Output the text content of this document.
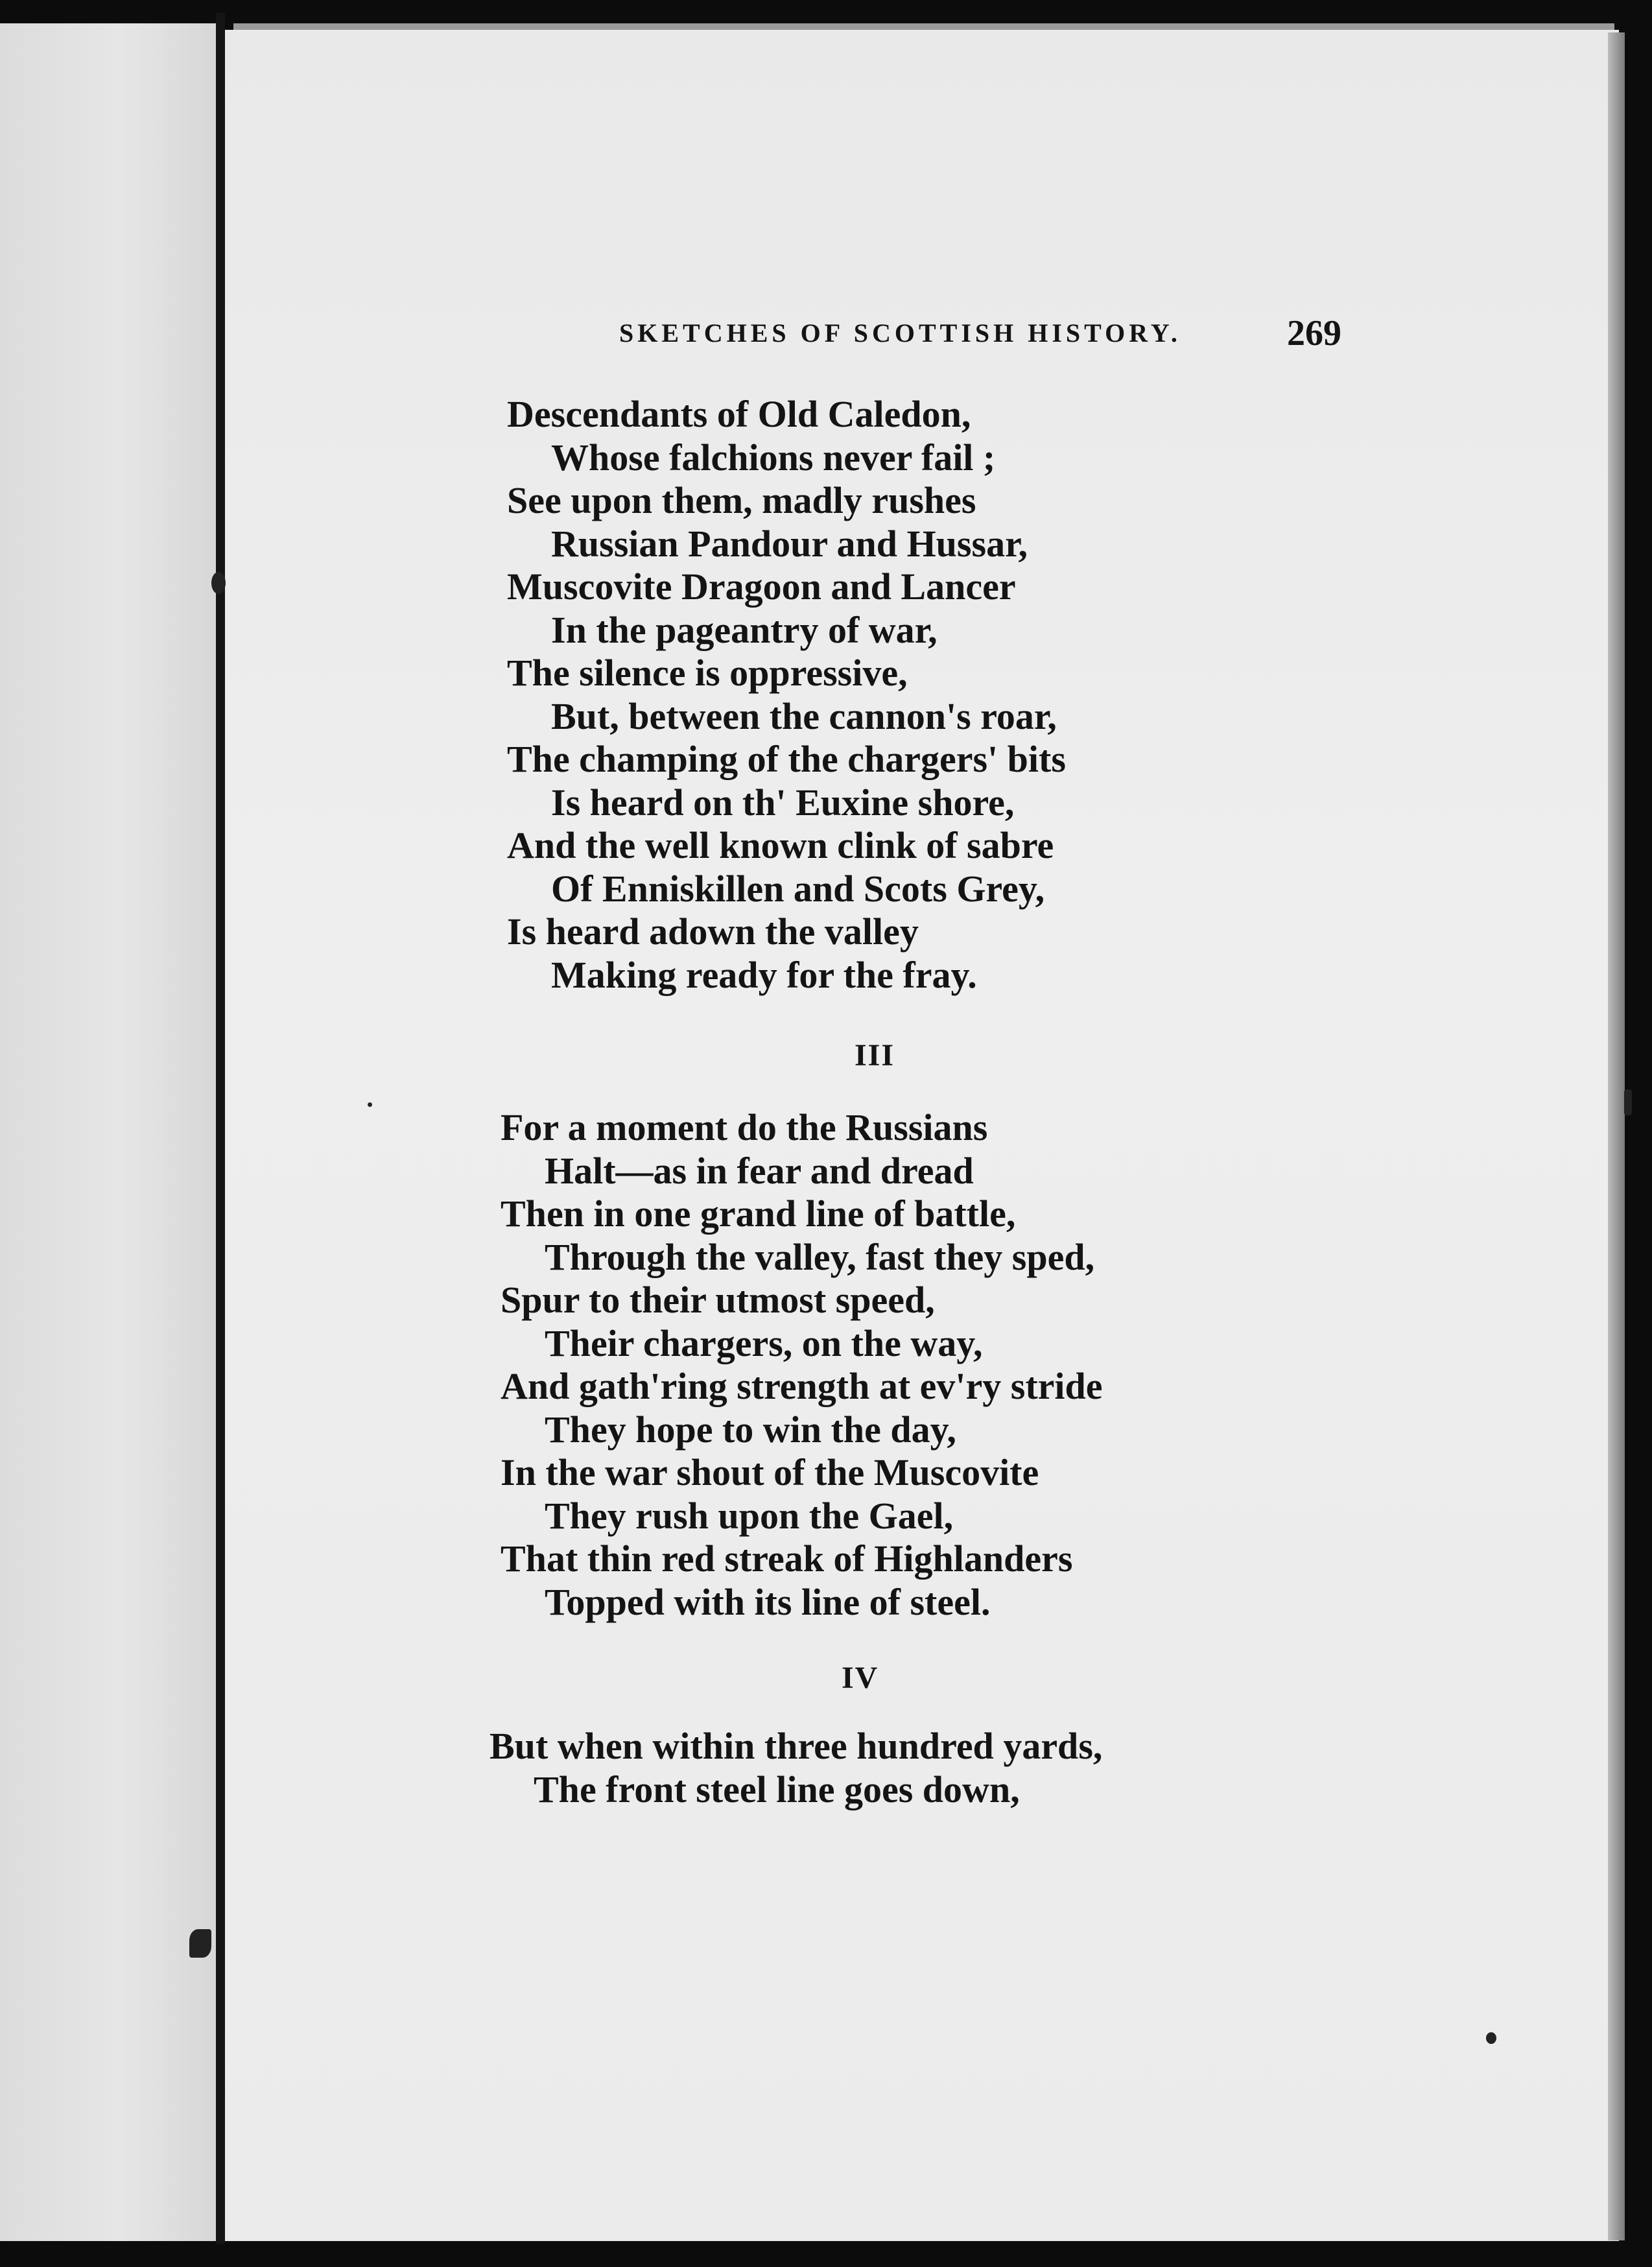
SKETCHES OF SCOTTISH HISTORY.	269
Descendants of Old Caledon,
Whose falchions never fail ;
See upon them, madly rushes
Russian Pandour and Hussar,
Muscovite Dragoon and Lancer
In the pageantry of war,
The silence is oppressive,
But, between the cannon's roar,
The champing of the chargers' bits
Is heard on th' Euxine shore,
And the well known clink of sabre
Of Enniskillen and Scots Grey,
Is heard adown the valley
Making ready for the fray.
III
For a moment do the Russians
Halt—as in fear and dread
Then in one grand line of battle,
Through the valley, fast they sped,
Spur to their utmost speed,
Their chargers, on the way,
And gath'ring strength at ev'ry stride
They hope to win the day,
In the war shout of the Muscovite
They rush upon the Gael,
That thin red streak of Highlanders
Topped with its line of steel.
IV
But when within three hundred yards,
The front steel line goes down,
